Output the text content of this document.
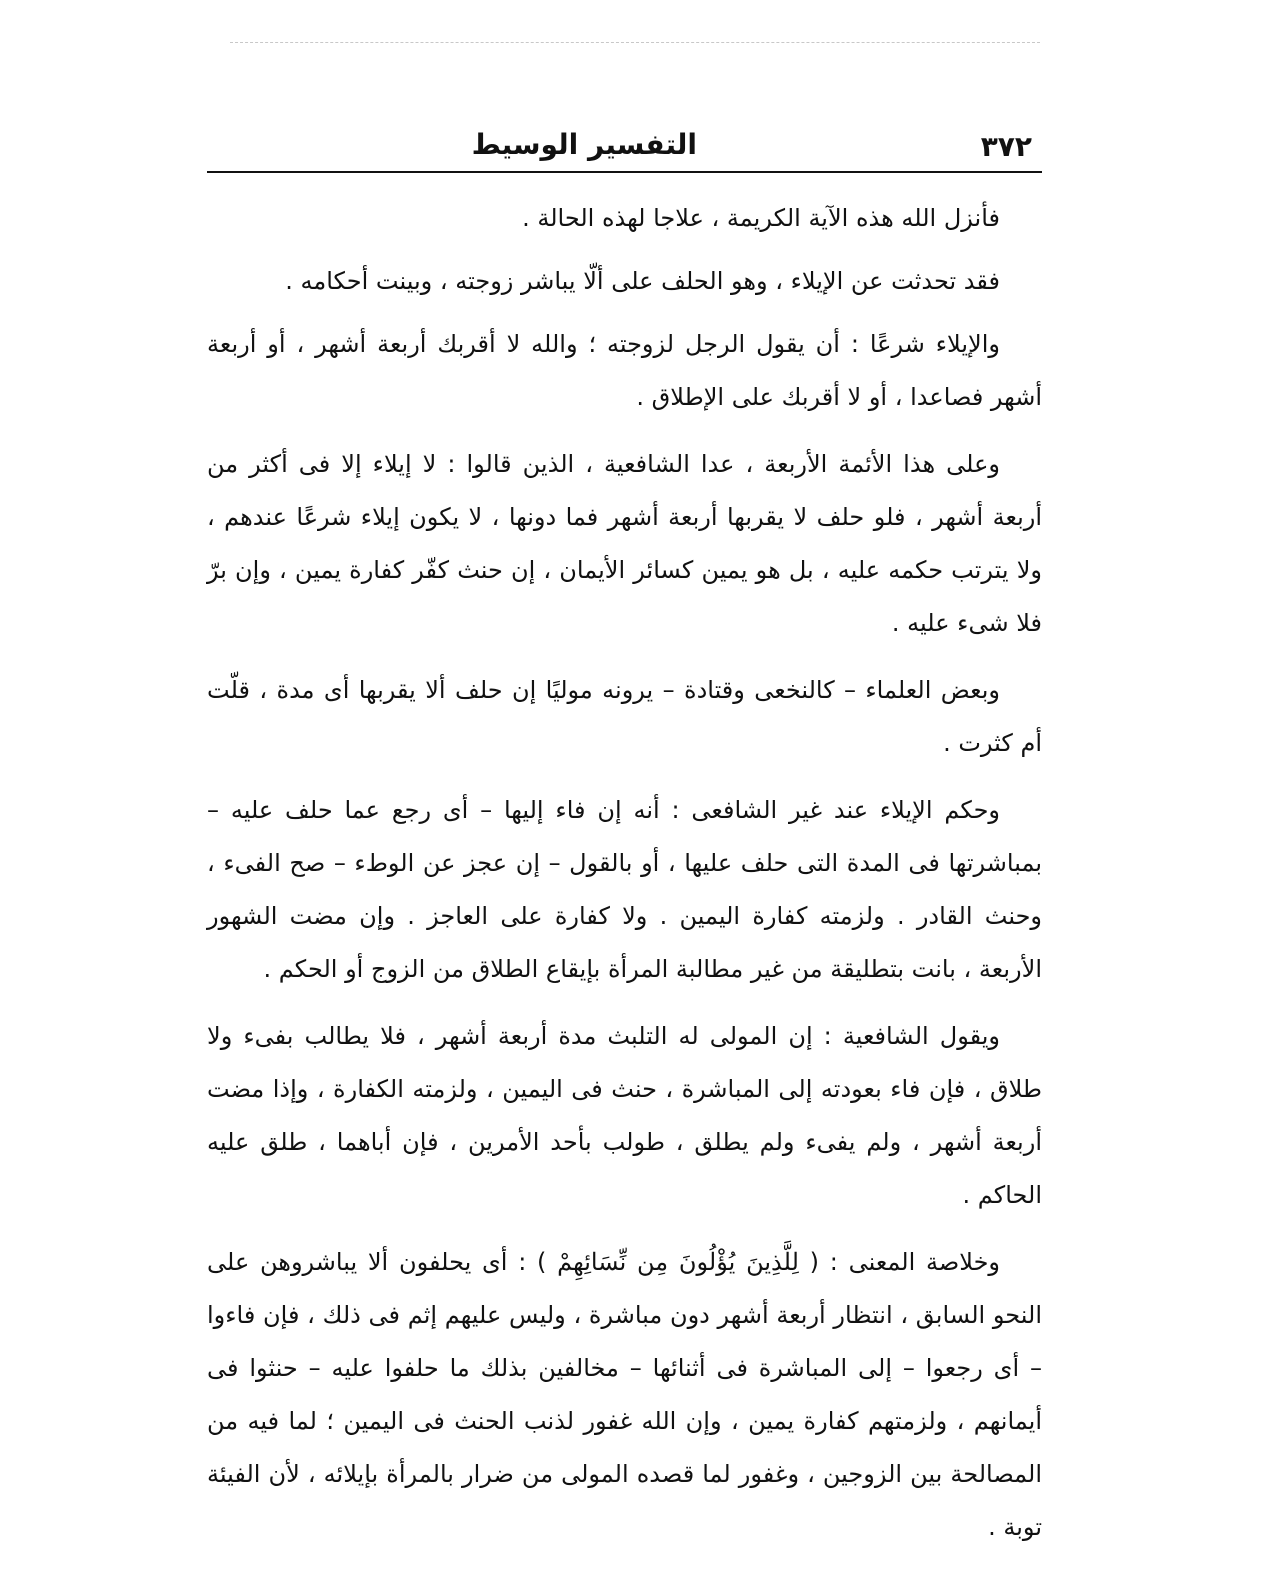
٣٧٢
التفسير الوسيط

فأنزل الله هذه الآية الكريمة ، علاجا لهذه الحالة .

فقد تحدثت عن الإيلاء ، وهو الحلف على ألّا يباشر زوجته ، وبينت أحكامه .

والإيلاء شرعًا : أن يقول الرجل لزوجته ؛ والله لا أقربك أربعة أشهر ، أو أربعة أشهر فصاعدا ، أو لا أقربك على الإطلاق .

وعلى هذا الأئمة الأربعة ، عدا الشافعية ، الذين قالوا : لا إيلاء إلا فى أكثر من أربعة أشهر ، فلو حلف لا يقربها أربعة أشهر فما دونها ، لا يكون إيلاء شرعًا عندهم ، ولا يترتب حكمه عليه ، بل هو يمين كسائر الأيمان ، إن حنث كفّر كفارة يمين ، وإن برّ فلا شىء عليه .

وبعض العلماء – كالنخعى وقتادة – يرونه موليًا إن حلف ألا يقربها أى مدة ، قلّت أم كثرت .

وحكم الإيلاء عند غير الشافعى : أنه إن فاء إليها – أى رجع عما حلف عليه – بمباشرتها فى المدة التى حلف عليها ، أو بالقول – إن عجز عن الوطء – صح الفىء ، وحنث القادر . ولزمته كفارة اليمين . ولا كفارة على العاجز . وإن مضت الشهور الأربعة ، بانت بتطليقة من غير مطالبة المرأة بإيقاع الطلاق من الزوج أو الحكم .

ويقول الشافعية : إن المولى له التلبث مدة أربعة أشهر ، فلا يطالب بفىء ولا طلاق ، فإن فاء بعودته إلى المباشرة ، حنث فى اليمين ، ولزمته الكفارة ، وإذا مضت أربعة أشهر ، ولم يفىء ولم يطلق ، طولب بأحد الأمرين ، فإن أباهما ، طلق عليه الحاكم .

وخلاصة المعنى : ( لِلَّذِينَ يُؤْلُونَ مِن نِّسَائِهِمْ ) : أى يحلفون ألا يباشروهن على النحو السابق ، انتظار أربعة أشهر دون مباشرة ، وليس عليهم إثم فى ذلك ، فإن فاءوا – أى رجعوا – إلى المباشرة فى أثنائها – مخالفين بذلك ما حلفوا عليه – حنثوا فى أيمانهم ، ولزمتهم كفارة يمين ، وإن الله غفور لذنب الحنث فى اليمين ؛ لما فيه من المصالحة بين الزوجين ، وغفور لما قصده المولى من ضرار بالمرأة بإيلائه ، لأن الفيئة توبة .
